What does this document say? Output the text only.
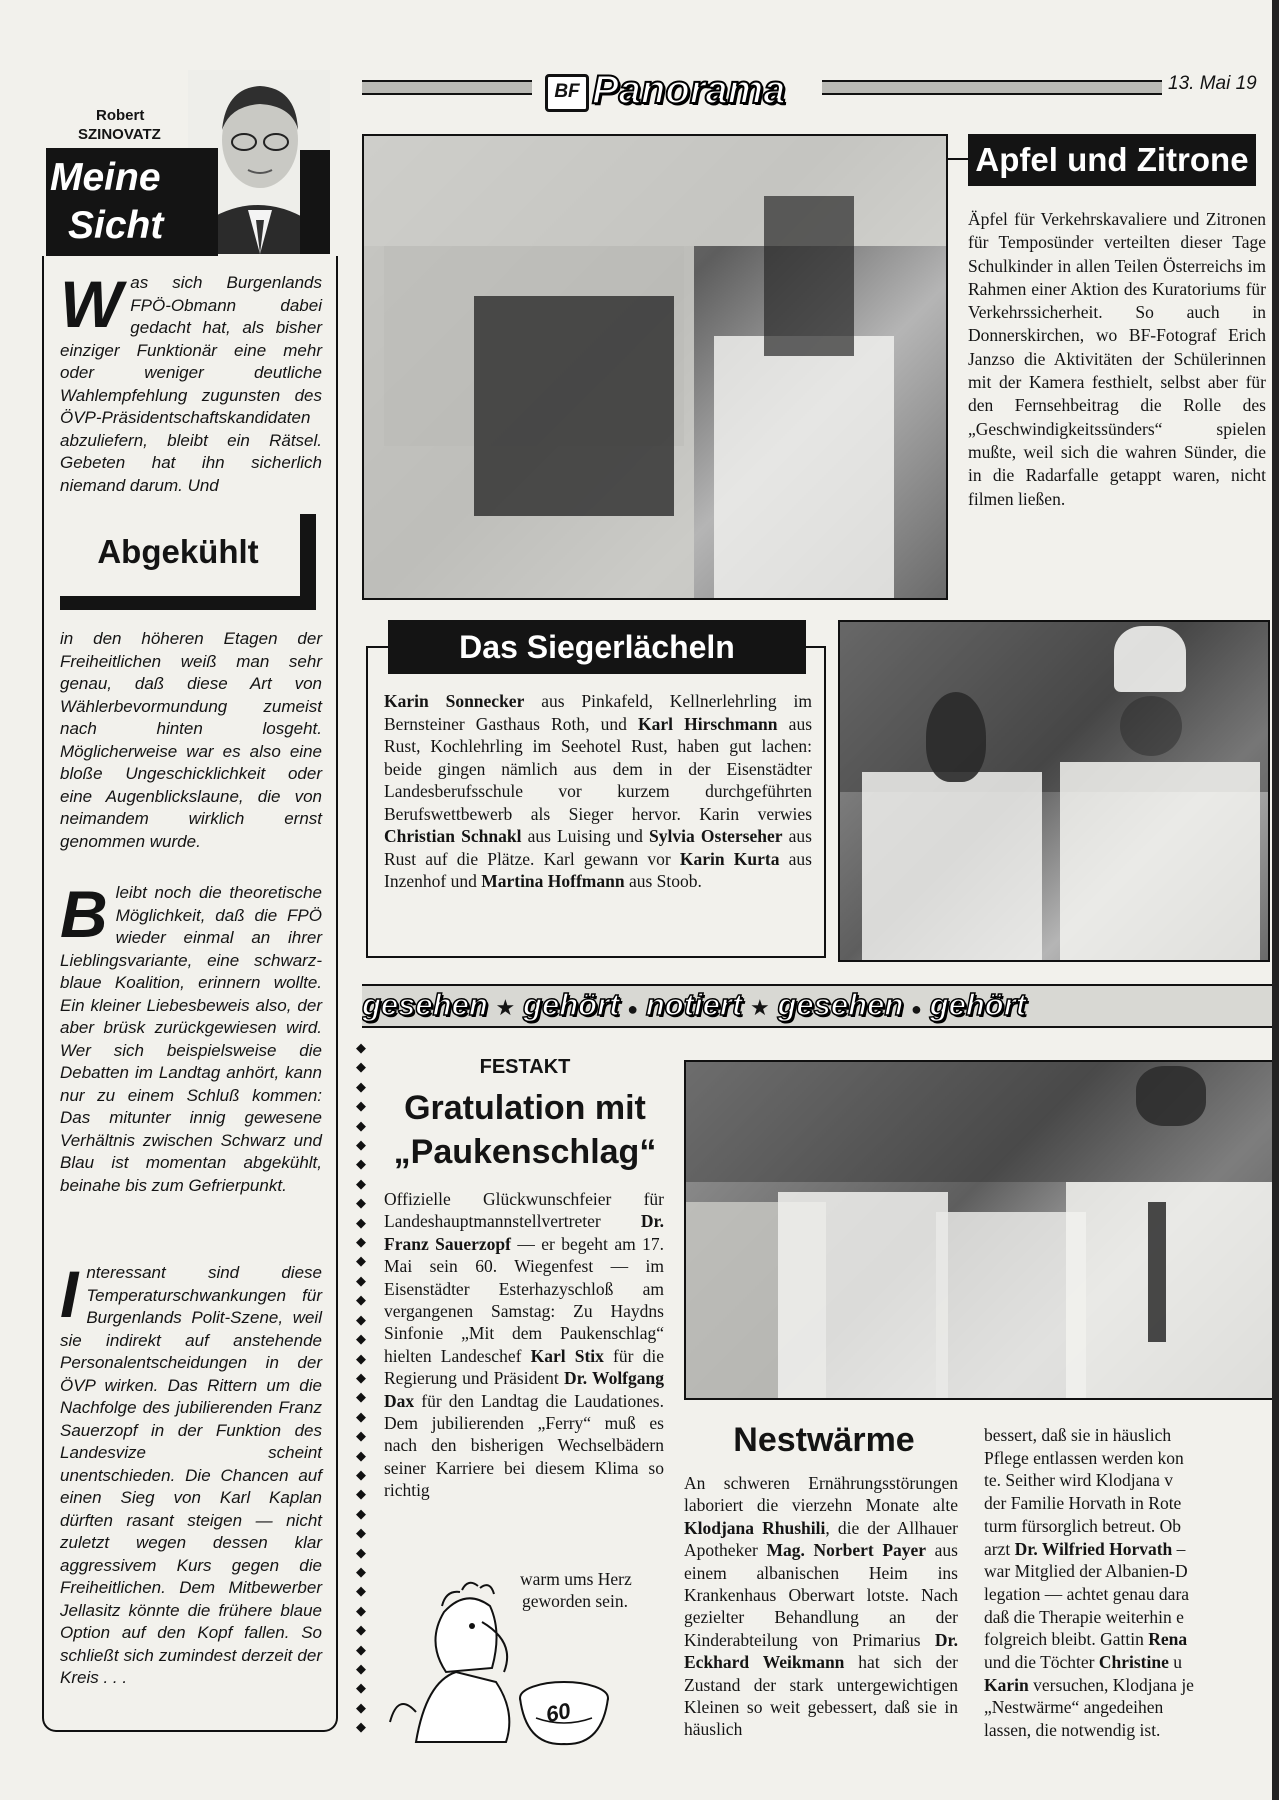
BF Panorama	13. Mai 19
Robert
SZINOVATZ
Meine
Sicht
Was sich Burgenlands FPÖ-Obmann dabei gedacht hat, als bisher einziger Funktionär eine mehr oder weniger deutliche Wahlempfehlung zugunsten des ÖVP-Präsidentschaftskandidaten abzuliefern, bleibt ein Rätsel. Gebeten hat ihn sicherlich niemand darum. Und
Abgekühlt
in den höheren Etagen der Freiheitlichen weiß man sehr genau, daß diese Art von Wählerbevormundung zumeist nach hinten losgeht. Möglicherweise war es also eine bloße Ungeschicklichkeit oder eine Augenblickslaune, die von neimandem wirklich ernst genommen wurde.
Bleibt noch die theoretische Möglichkeit, daß die FPÖ wieder einmal an ihrer Lieblingsvariante, eine schwarz-blaue Koalition, erinnern wollte. Ein kleiner Liebesbeweis also, der aber brüsk zurückgewiesen wird. Wer sich beispielsweise die Debatten im Landtag anhört, kann nur zu einem Schluß kommen: Das mitunter innig gewesene Verhältnis zwischen Schwarz und Blau ist momentan abgekühlt, beinahe bis zum Gefrierpunkt.
Interessant sind diese Temperaturschwankungen für Burgenlands Polit-Szene, weil sie indirekt auf anstehende Personalentscheidungen in der ÖVP wirken. Das Rittern um die Nachfolge des jubilierenden Franz Sauerzopf in der Funktion des Landesvize scheint unentschieden. Die Chancen auf einen Sieg von Karl Kaplan dürften rasant steigen — nicht zuletzt wegen dessen klar aggressivem Kurs gegen die Freiheitlichen. Dem Mitbewerber Jellasitz könnte die frühere blaue Option auf den Kopf fallen. So schließt sich zumindest derzeit der Kreis . . .
Apfel und Zitrone
Äpfel für Verkehrskavaliere und Zitronen für Temposünder verteilten dieser Tage Schulkinder in allen Teilen Österreichs im Rahmen einer Aktion des Kuratoriums für Verkehrssicherheit. So auch in Donnerskirchen, wo BF-Fotograf Erich Janzso die Aktivitäten der Schülerinnen mit der Kamera festhielt, selbst aber für den Fernsehbeitrag die Rolle des „Geschwindigkeitssünders“ spielen mußte, weil sich die wahren Sünder, die in die Radarfalle getappt waren, nicht filmen ließen.
Das Siegerlächeln
Karin Sonnecker aus Pinkafeld, Kellnerlehrling im Bernsteiner Gasthaus Roth, und Karl Hirschmann aus Rust, Kochlehrling im Seehotel Rust, haben gut lachen: beide gingen nämlich aus dem in der Eisenstädter Landesberufsschule vor kurzem durchgeführten Berufswettbewerb als Sieger hervor. Karin verwies Christian Schnakl aus Luising und Sylvia Osterseher aus Rust auf die Plätze. Karl gewann vor Karin Kurta aus Inzenhof und Martina Hoffmann aus Stoob.
gesehen ★ gehört ● notiert ★ gesehen ● gehört
◆
◆
◆
◆
◆
◆
◆
◆
◆
◆
◆
◆
◆
◆
◆
◆
◆
◆
◆
◆
◆
◆
◆
◆
◆
◆
◆
◆
◆
◆
◆
◆
◆
◆
◆
◆
FESTAKT
Gratulation mit
„Paukenschlag“
Offizielle Glückwunschfeier für Landeshauptmannstellvertreter Dr. Franz Sauerzopf — er begeht am 17. Mai sein 60. Wiegenfest — im Eisenstädter Esterhazyschloß am vergangenen Samstag: Zu Haydns Sinfonie „Mit dem Paukenschlag“ hielten Landeschef Karl Stix für die Regierung und Präsident Dr. Wolfgang Dax für den Landtag die Laudationes. Dem jubilierenden „Ferry“ muß es nach den bisherigen Wechselbädern seiner Karriere bei diesem Klima so richtig
warm ums Herz
geworden sein.
60
Nestwärme
An schweren Ernährungsstörungen laboriert die vierzehn Monate alte Klodjana Rhushili, die der Allhauer Apotheker Mag. Norbert Payer aus einem albanischen Heim ins Krankenhaus Oberwart lotste. Nach gezielter Behandlung an der Kinderabteilung von Primarius Dr. Eckhard Weikmann hat sich der Zustand der stark untergewichtigen Kleinen so weit gebessert, daß sie in häuslich
bessert, daß sie in häuslich
Pflege entlassen werden kon
te. Seither wird Klodjana v
der Familie Horvath in Rote
turm fürsorglich betreut. Ob
arzt Dr. Wilfried Horvath –
war Mitglied der Albanien-D
legation — achtet genau dara
daß die Therapie weiterhin e
folgreich bleibt. Gattin Rena
und die Töchter Christine u
Karin versuchen, Klodjana je
„Nestwärme“ angedeihen
lassen, die notwendig ist.
